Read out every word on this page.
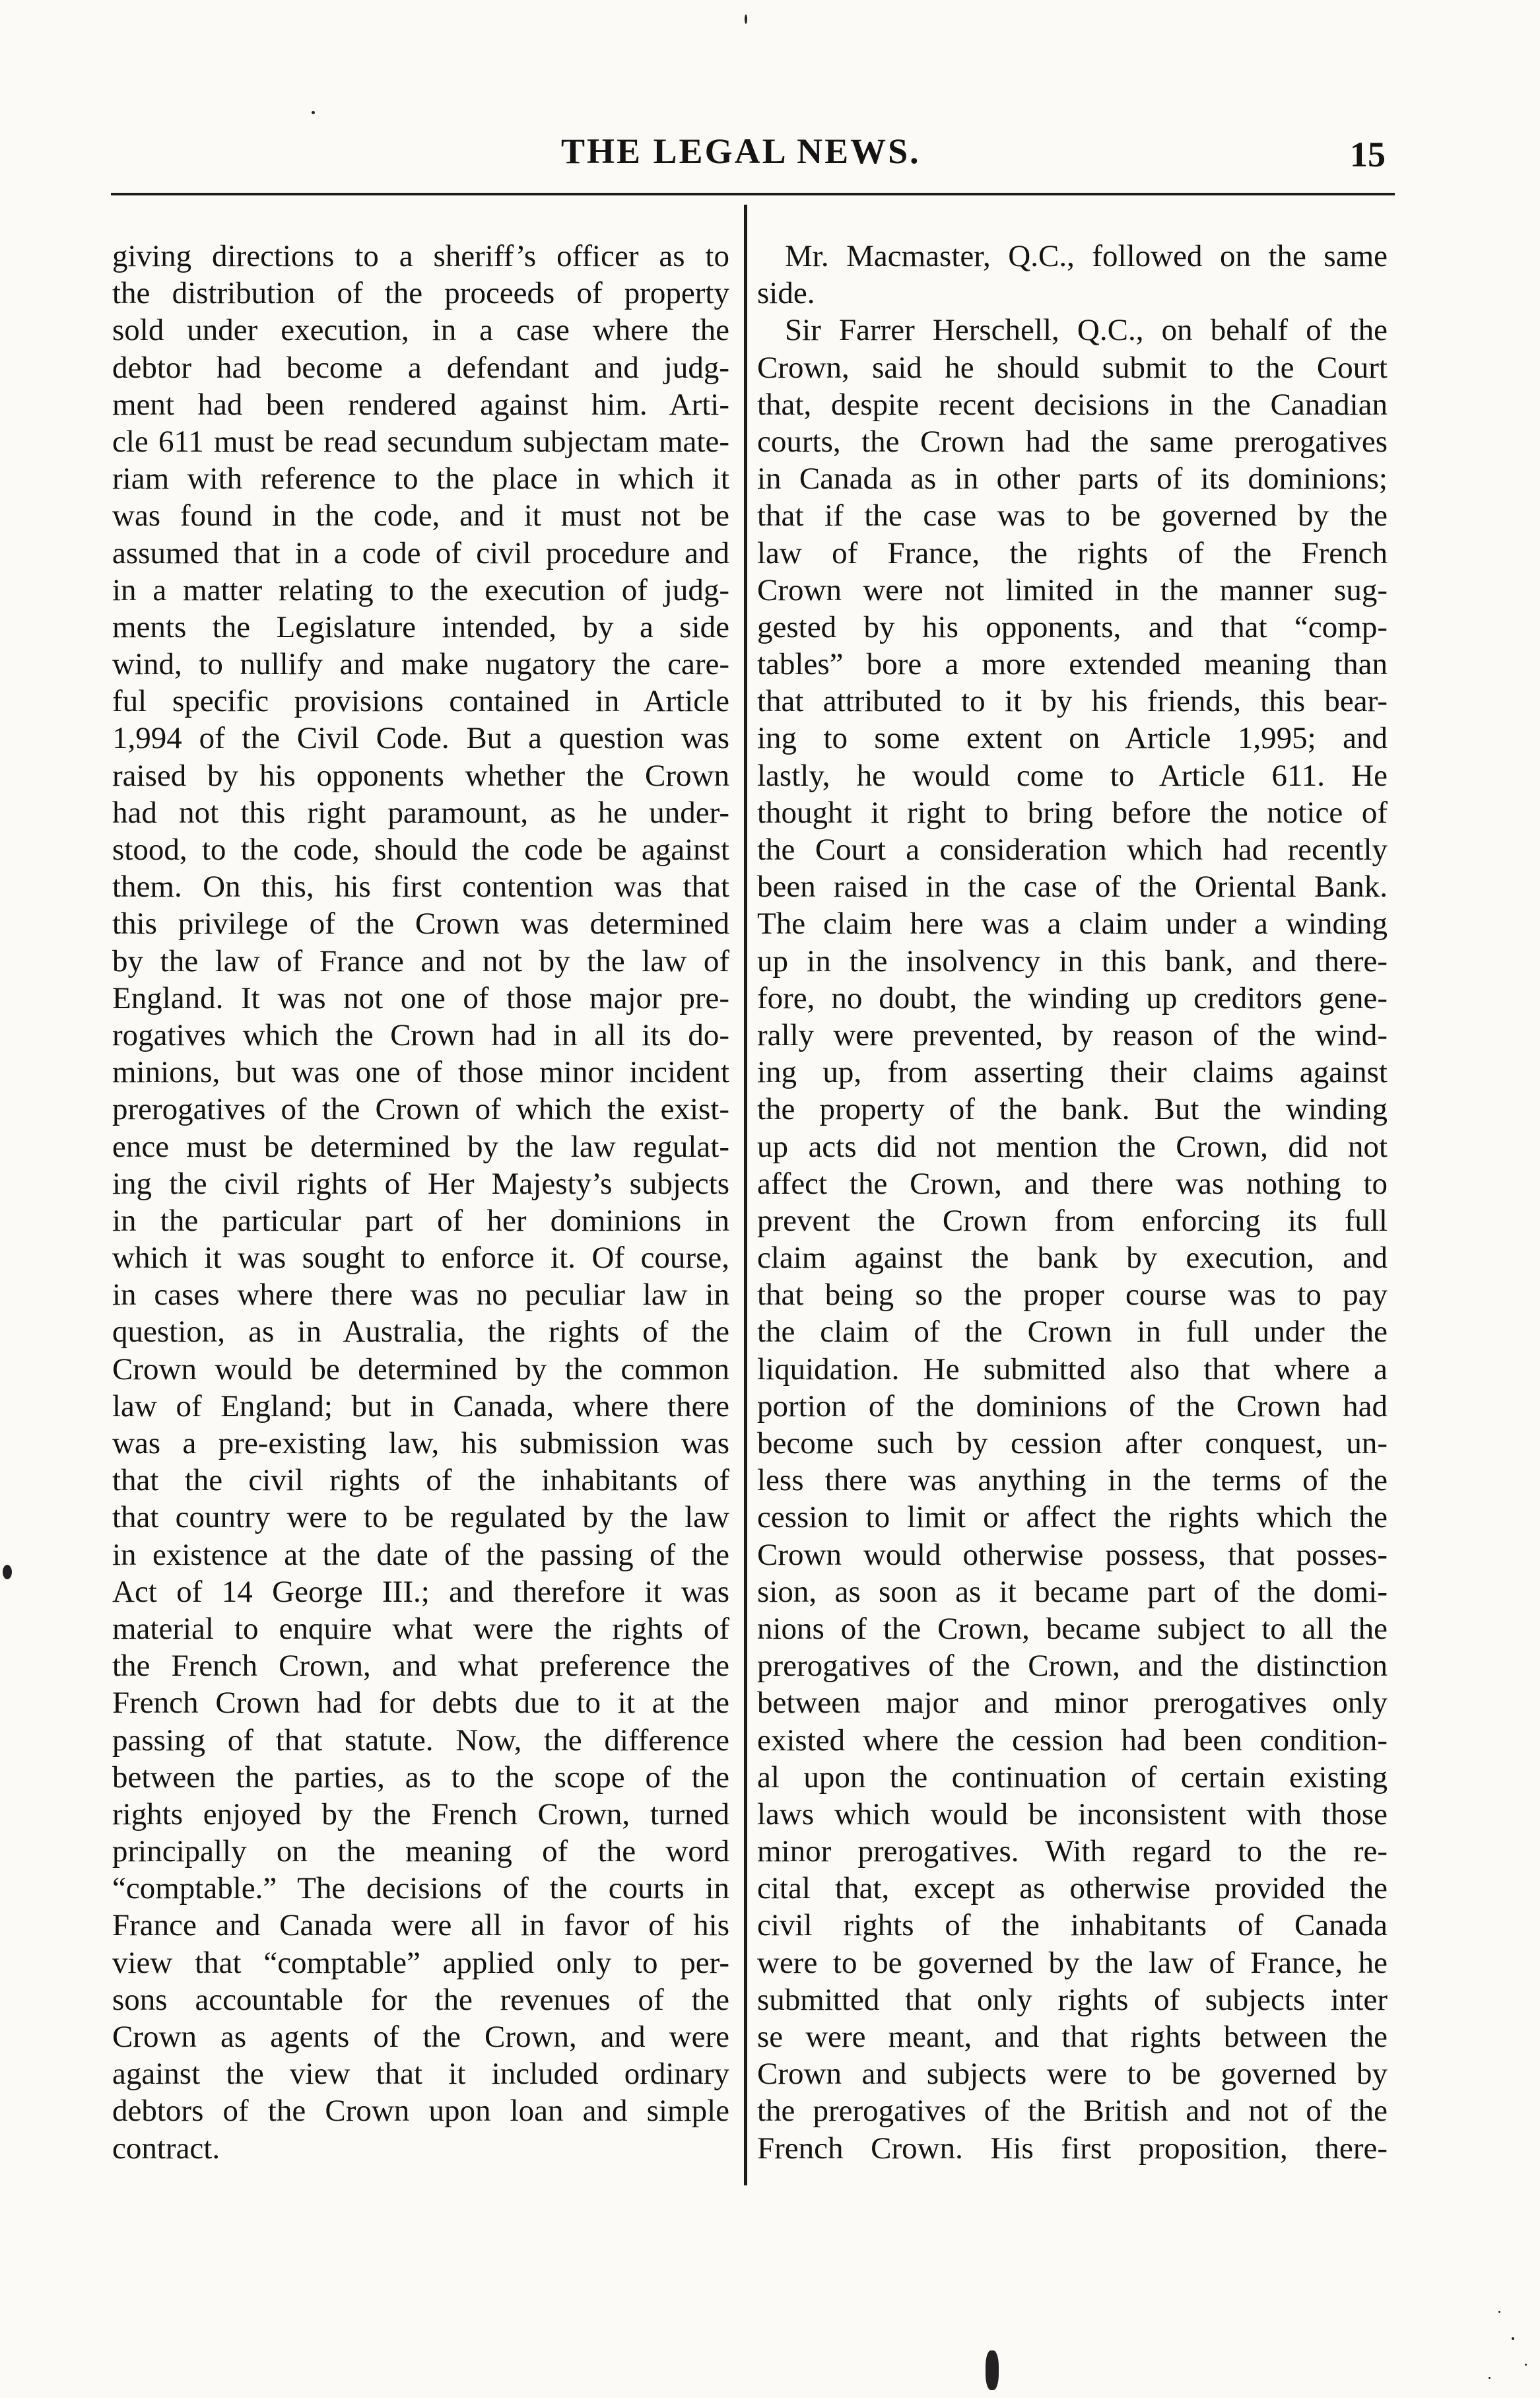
THE LEGAL NEWS.	15
giving directions to a sheriff’s officer as to
the distribution of the proceeds of property
sold under execution, in a case where the
debtor had become a defendant and judg-
ment had been rendered against him. Arti-
cle 611 must be read secundum subjectam mate-
riam with reference to the place in which it
was found in the code, and it must not be
assumed that in a code of civil procedure and
in a matter relating to the execution of judg-
ments the Legislature intended, by a side
wind, to nullify and make nugatory the care-
ful specific provisions contained in Article
1,994 of the Civil Code. But a question was
raised by his opponents whether the Crown
had not this right paramount, as he under-
stood, to the code, should the code be against
them. On this, his first contention was that
this privilege of the Crown was determined
by the law of France and not by the law of
England. It was not one of those major pre-
rogatives which the Crown had in all its do-
minions, but was one of those minor incident
prerogatives of the Crown of which the exist-
ence must be determined by the law regulat-
ing the civil rights of Her Majesty’s subjects
in the particular part of her dominions in
which it was sought to enforce it. Of course,
in cases where there was no peculiar law in
question, as in Australia, the rights of the
Crown would be determined by the common
law of England; but in Canada, where there
was a pre-existing law, his submission was
that the civil rights of the inhabitants of
that country were to be regulated by the law
in existence at the date of the passing of the
Act of 14 George III.; and therefore it was
material to enquire what were the rights of
the French Crown, and what preference the
French Crown had for debts due to it at the
passing of that statute. Now, the difference
between the parties, as to the scope of the
rights enjoyed by the French Crown, turned
principally on the meaning of the word
“comptable.” The decisions of the courts in
France and Canada were all in favor of his
view that “comptable” applied only to per-
sons accountable for the revenues of the
Crown as agents of the Crown, and were
against the view that it included ordinary
debtors of the Crown upon loan and simple
contract.
Mr. Macmaster, Q.C., followed on the same
side.
Sir Farrer Herschell, Q.C., on behalf of the
Crown, said he should submit to the Court
that, despite recent decisions in the Canadian
courts, the Crown had the same prerogatives
in Canada as in other parts of its dominions;
that if the case was to be governed by the
law of France, the rights of the French
Crown were not limited in the manner sug-
gested by his opponents, and that “comp-
tables” bore a more extended meaning than
that attributed to it by his friends, this bear-
ing to some extent on Article 1,995; and
lastly, he would come to Article 611. He
thought it right to bring before the notice of
the Court a consideration which had recently
been raised in the case of the Oriental Bank.
The claim here was a claim under a winding
up in the insolvency in this bank, and there-
fore, no doubt, the winding up creditors gene-
rally were prevented, by reason of the wind-
ing up, from asserting their claims against
the property of the bank. But the winding
up acts did not mention the Crown, did not
affect the Crown, and there was nothing to
prevent the Crown from enforcing its full
claim against the bank by execution, and
that being so the proper course was to pay
the claim of the Crown in full under the
liquidation. He submitted also that where a
portion of the dominions of the Crown had
become such by cession after conquest, un-
less there was anything in the terms of the
cession to limit or affect the rights which the
Crown would otherwise possess, that posses-
sion, as soon as it became part of the domi-
nions of the Crown, became subject to all the
prerogatives of the Crown, and the distinction
between major and minor prerogatives only
existed where the cession had been condition-
al upon the continuation of certain existing
laws which would be inconsistent with those
minor prerogatives. With regard to the re-
cital that, except as otherwise provided the
civil rights of the inhabitants of Canada
were to be governed by the law of France, he
submitted that only rights of subjects inter
se were meant, and that rights between the
Crown and subjects were to be governed by
the prerogatives of the British and not of the
French Crown. His first proposition, there-
